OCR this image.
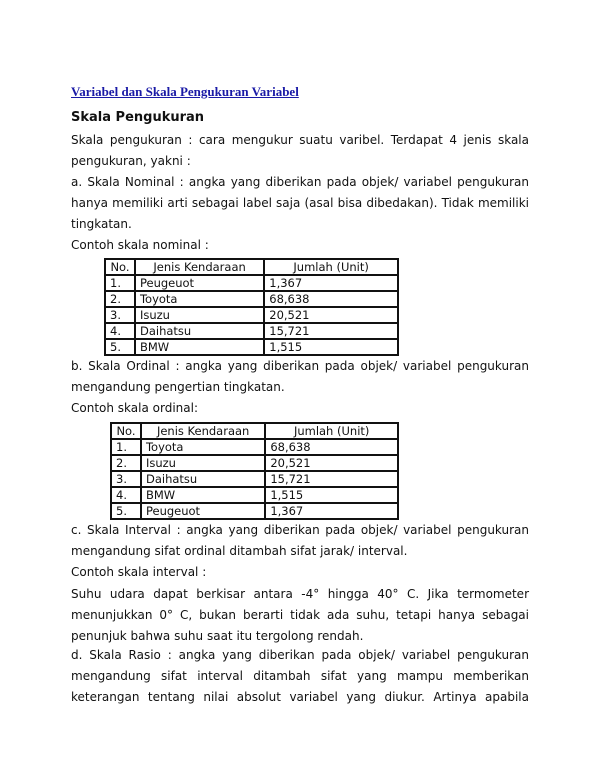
Variabel dan Skala Pengukuran Variabel
Skala Pengukuran
Skala pengukuran : cara mengukur suatu varibel. Terdapat 4 jenis skala pengukuran, yakni :
a. Skala Nominal : angka yang diberikan pada objek/ variabel pengukuran hanya memiliki arti sebagai label saja (asal bisa dibedakan). Tidak memiliki tingkatan.
Contoh skala nominal :
No.	Jenis Kendaraan	Jumlah (Unit)
1.	Peugeuot	1,367
2.	Toyota	68,638
3.	Isuzu	20,521
4.	Daihatsu	15,721
5.	BMW	1,515
b. Skala Ordinal : angka yang diberikan pada objek/ variabel pengukuran mengandung pengertian tingkatan.
Contoh skala ordinal:
No.	Jenis Kendaraan	Jumlah (Unit)
1.	Toyota	68,638
2.	Isuzu	20,521
3.	Daihatsu	15,721
4.	BMW	1,515
5.	Peugeuot	1,367
c. Skala Interval : angka yang diberikan pada objek/ variabel pengukuran mengandung sifat ordinal ditambah sifat jarak/ interval.
Contoh skala interval :
Suhu udara dapat berkisar antara -4° hingga 40° C. Jika termometer menunjukkan 0° C, bukan berarti tidak ada suhu, tetapi hanya sebagai penunjuk bahwa suhu saat itu tergolong rendah.
d. Skala Rasio : angka yang diberikan pada objek/ variabel pengukuran mengandung sifat interval ditambah sifat yang mampu memberikan keterangan tentang nilai absolut variabel yang diukur. Artinya apabila
